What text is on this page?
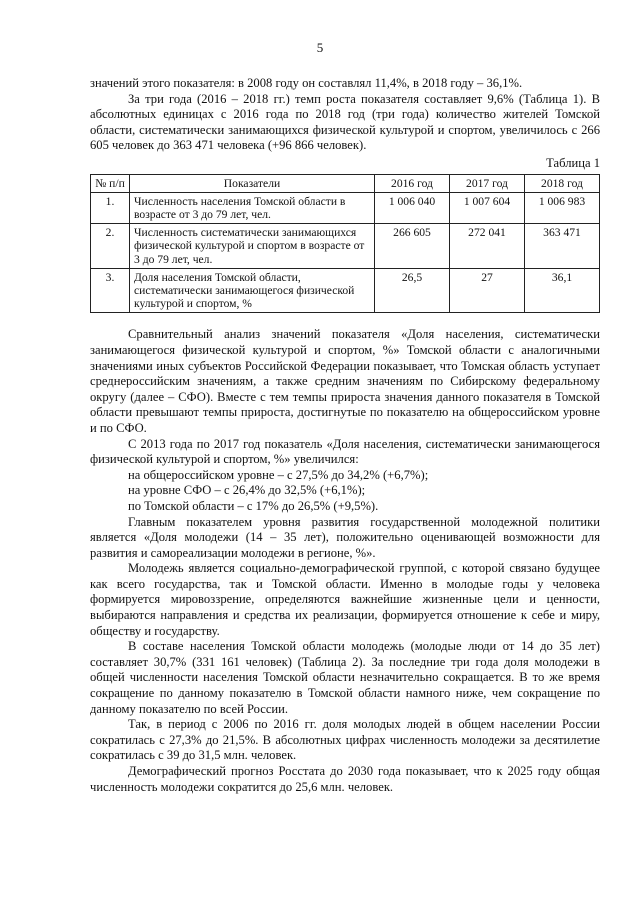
5

значений этого показателя: в 2008 году он составлял 11,4%, в 2018 году – 36,1%.

За три года (2016 – 2018 гг.) темп роста показателя составляет 9,6% (Таблица 1). В абсолютных единицах с 2016 года по 2018 год (три года) количество жителей Томской области, систематически занимающихся физической культурой и спортом, увеличилось с 266 605 человек до 363 471 человека (+96 866 человек).

Таблица 1

№ п/п	Показатели	2016 год	2017 год	2018 год
1.	Численность населения Томской области в возрасте от 3 до 79 лет, чел.	1 006 040	1 007 604	1 006 983
2.	Численность систематически занимающихся физической культурой и спортом в возрасте от 3 до 79 лет, чел.	266 605	272 041	363 471
3.	Доля населения Томской области, систематически занимающегося физической культурой и спортом, %	26,5	27	36,1

Сравнительный анализ значений показателя «Доля населения, систематически занимающегося физической культурой и спортом, %» Томской области с аналогичными значениями иных субъектов Российской Федерации показывает, что Томская область уступает среднероссийским значениям, а также средним значениям по Сибирскому федеральному округу (далее – СФО). Вместе с тем темпы прироста значения данного показателя в Томской области превышают темпы прироста, достигнутые по показателю на общероссийском уровне и по СФО.

С 2013 года по 2017 год показатель «Доля населения, систематически занимающегося физической культурой и спортом, %» увеличился:

на общероссийском уровне – с 27,5% до 34,2% (+6,7%);

на уровне СФО – с 26,4% до 32,5% (+6,1%);

по Томской области – с 17% до 26,5% (+9,5%).

Главным показателем уровня развития государственной молодежной политики является «Доля молодежи (14 – 35 лет), положительно оценивающей возможности для развития и самореализации молодежи в регионе, %».

Молодежь является социально-демографической группой, с которой связано будущее как всего государства, так и Томской области. Именно в молодые годы у человека формируется мировоззрение, определяются важнейшие жизненные цели и ценности, выбираются направления и средства их реализации, формируется отношение к себе и миру, обществу и государству.

В составе населения Томской области молодежь (молодые люди от 14 до 35 лет) составляет 30,7% (331 161 человек) (Таблица 2). За последние три года доля молодежи в общей численности населения Томской области незначительно сокращается. В то же время сокращение по данному показателю в Томской области намного ниже, чем сокращение по данному показателю по всей России.

Так, в период с 2006 по 2016 гг. доля молодых людей в общем населении России сократилась с 27,3% до 21,5%. В абсолютных цифрах численность молодежи за десятилетие сократилась с 39 до 31,5 млн. человек.

Демографический прогноз Росстата до 2030 года показывает, что к 2025 году общая численность молодежи сократится до 25,6 млн. человек.
